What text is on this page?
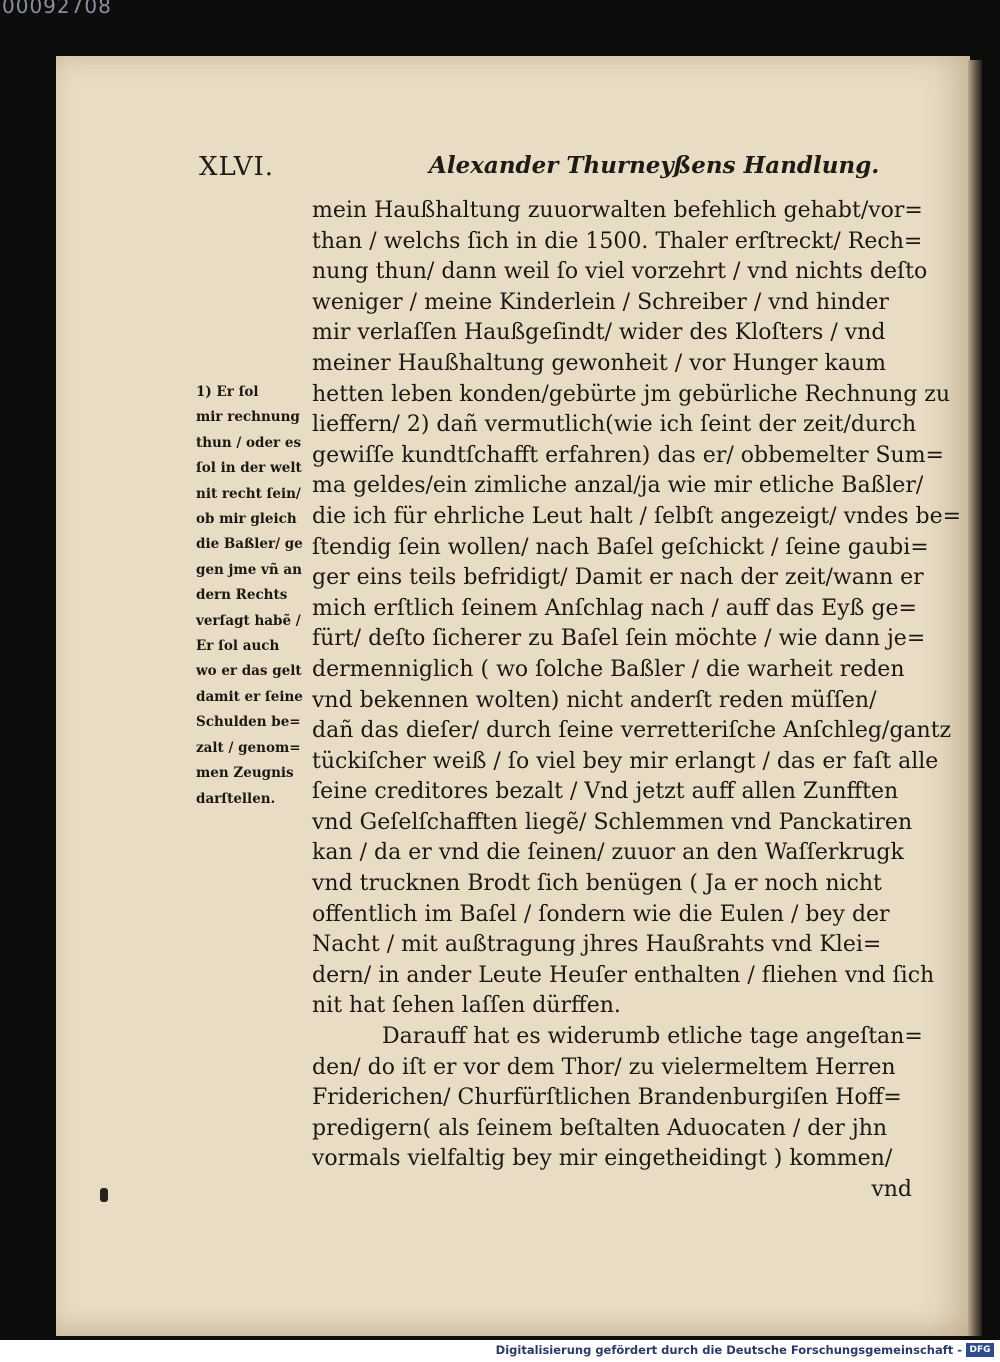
00092708
XLVI.	Alexander Thurneyßens Handlung.
1) Er ſol
mir rechnung
thun / oder es
ſol in der welt
nit recht ſein/
ob mir gleich
die Baßler/ ge
gen jme vñ an
dern Rechts
verſagt habẽ /
Er ſol auch
wo er das gelt
damit er ſeine
Schulden be=
zalt / genom=
men Zeugnis
darſtellen.
mein Haußhaltung zuuorwalten befehlich gehabt/vor=
than / welchs ſich in die 1500. Thaler erſtreckt/ Rech=
nung thun/ dann weil ſo viel vorzehrt / vnd nichts deſto
weniger / meine Kinderlein / Schreiber / vnd hinder
mir verlaſſen Haußgeſindt/ wider des Kloſters / vnd
meiner Haußhaltung gewonheit / vor Hunger kaum
hetten leben konden/gebürte jm gebürliche Rechnung zu
lieffern/ 2) dañ vermutlich(wie ich ſeint der zeit/durch
gewiſſe kundtſchafft erfahren) das er/ obbemelter Sum=
ma geldes/ein zimliche anzal/ja wie mir etliche Baßler/
die ich für ehrliche Leut halt / ſelbſt angezeigt/ vndes be=
ſtendig ſein wollen/ nach Baſel geſchickt / ſeine gaubi=
ger eins teils befridigt/ Damit er nach der zeit/wann er
mich erſtlich ſeinem Anſchlag nach / auff das Eyß ge=
fürt/ deſto ſicherer zu Baſel ſein möchte / wie dann je=
dermenniglich ( wo ſolche Baßler / die warheit reden
vnd bekennen wolten) nicht anderſt reden müſſen/
dañ das dieſer/ durch ſeine verretteriſche Anſchleg/gantz
tückiſcher weiß / ſo viel bey mir erlangt / das er faſt alle
ſeine creditores bezalt / Vnd jetzt auff allen Zunfften
vnd Geſelſchafften liegẽ/ Schlemmen vnd Panckatiren
kan / da er vnd die ſeinen/ zuuor an den Waſſerkrugk
vnd trucknen Brodt ſich benügen ( Ja er noch nicht
offentlich im Baſel / ſondern wie die Eulen / bey der
Nacht / mit außtragung jhres Haußrahts vnd Klei=
dern/ in ander Leute Heuſer enthalten / fliehen vnd ſich
nit hat ſehen laſſen dürffen.
Darauff hat es widerumb etliche tage angeſtan=
den/ do iſt er vor dem Thor/ zu vielermeltem Herren
Friderichen/ Churfürſtlichen Brandenburgiſen Hoff=
predigern( als ſeinem beſtalten Aduocaten / der jhn
vormals vielfaltig bey mir eingetheidingt ) kommen/
vnd
Digitalisierung gefördert durch die Deutsche Forschungsgemeinschaft - DFG
